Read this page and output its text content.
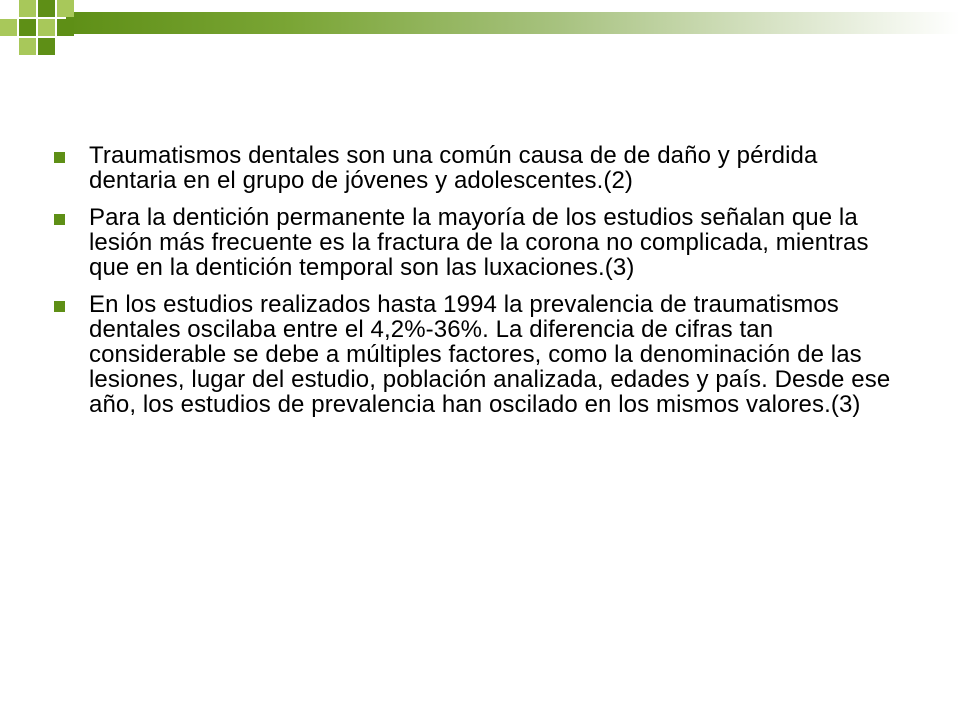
Traumatismos dentales son una común causa de de daño y pérdida dentaria en el grupo de jóvenes y adolescentes.(2)
Para la dentición permanente la mayoría de los estudios señalan que la lesión más frecuente es la fractura de la corona no complicada, mientras que en la dentición temporal son las luxaciones.(3)
En los estudios realizados hasta 1994 la prevalencia de traumatismos dentales oscilaba entre el 4,2%-36%. La diferencia de cifras tan considerable se debe a múltiples factores, como la denominación de las lesiones, lugar del estudio, población analizada, edades y país. Desde ese año, los estudios de prevalencia han oscilado en los mismos valores.(3)
